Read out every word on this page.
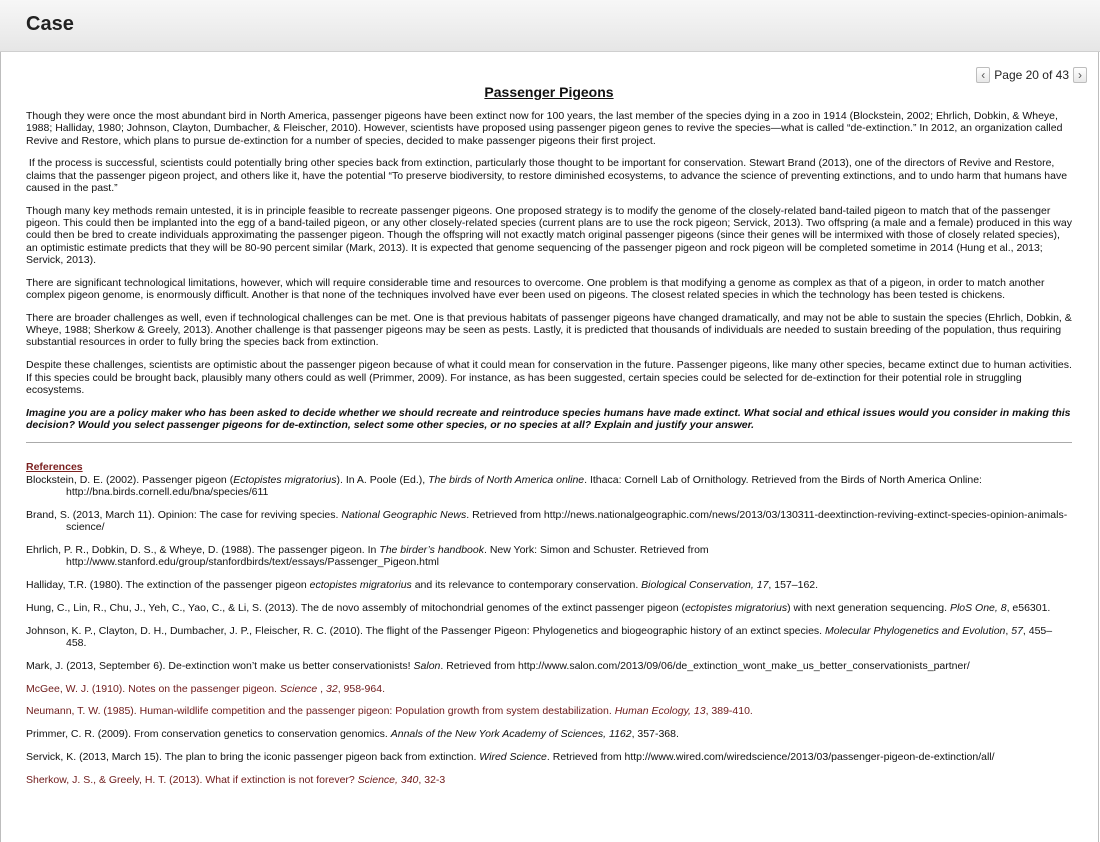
Case
‹ Page 20 of 43 ›
Passenger Pigeons

Though they were once the most abundant bird in North America, passenger pigeons have been extinct now for 100 years, the last member of the species dying in a zoo in 1914 (Blockstein, 2002; Ehrlich, Dobkin, & Wheye, 1988; Halliday, 1980; Johnson, Clayton, Dumbacher, & Fleischer, 2010). However, scientists have proposed using passenger pigeon genes to revive the species—what is called “de-extinction.” In 2012, an organization called Revive and Restore, which plans to pursue de-extinction for a number of species, decided to make passenger pigeons their first project.

If the process is successful, scientists could potentially bring other species back from extinction, particularly those thought to be important for conservation. Stewart Brand (2013), one of the directors of Revive and Restore, claims that the passenger pigeon project, and others like it, have the potential “To preserve biodiversity, to restore diminished ecosystems, to advance the science of preventing extinctions, and to undo harm that humans have caused in the past.”

Though many key methods remain untested, it is in principle feasible to recreate passenger pigeons. One proposed strategy is to modify the genome of the closely-related band-tailed pigeon to match that of the passenger pigeon. This could then be implanted into the egg of a band-tailed pigeon, or any other closely-related species (current plans are to use the rock pigeon; Servick, 2013). Two offspring (a male and a female) produced in this way could then be bred to create individuals approximating the passenger pigeon. Though the offspring will not exactly match original passenger pigeons (since their genes will be intermixed with those of closely related species), an optimistic estimate predicts that they will be 80-90 percent similar (Mark, 2013). It is expected that genome sequencing of the passenger pigeon and rock pigeon will be completed sometime in 2014 (Hung et al., 2013; Servick, 2013).

There are significant technological limitations, however, which will require considerable time and resources to overcome. One problem is that modifying a genome as complex as that of a pigeon, in order to match another complex pigeon genome, is enormously difficult. Another is that none of the techniques involved have ever been used on pigeons. The closest related species in which the technology has been tested is chickens.

There are broader challenges as well, even if technological challenges can be met. One is that previous habitats of passenger pigeons have changed dramatically, and may not be able to sustain the species (Ehrlich, Dobkin, & Wheye, 1988; Sherkow & Greely, 2013). Another challenge is that passenger pigeons may be seen as pests. Lastly, it is predicted that thousands of individuals are needed to sustain breeding of the population, thus requiring substantial resources in order to fully bring the species back from extinction.

Despite these challenges, scientists are optimistic about the passenger pigeon because of what it could mean for conservation in the future. Passenger pigeons, like many other species, became extinct due to human activities. If this species could be brought back, plausibly many others could as well (Primmer, 2009). For instance, as has been suggested, certain species could be selected for de-extinction for their potential role in struggling ecosystems.

Imagine you are a policy maker who has been asked to decide whether we should recreate and reintroduce species humans have made extinct. What social and ethical issues would you consider in making this decision? Would you select passenger pigeons for de-extinction, select some other species, or no species at all? Explain and justify your answer.

References

Blockstein, D. E. (2002). Passenger pigeon (Ectopistes migratorius). In A. Poole (Ed.), The birds of North America online. Ithaca: Cornell Lab of Ornithology. Retrieved from the Birds of North America Online: http://bna.birds.cornell.edu/bna/species/611

Brand, S. (2013, March 11). Opinion: The case for reviving species. National Geographic News. Retrieved from http://news.nationalgeographic.com/news/2013/03/130311-deextinction-reviving-extinct-species-opinion-animals-science/

Ehrlich, P. R., Dobkin, D. S., & Wheye, D. (1988). The passenger pigeon. In The birder’s handbook. New York: Simon and Schuster. Retrieved from http://www.stanford.edu/group/stanfordbirds/text/essays/Passenger_Pigeon.html

Halliday, T.R. (1980). The extinction of the passenger pigeon ectopistes migratorius and its relevance to contemporary conservation. Biological Conservation, 17, 157–162.

Hung, C., Lin, R., Chu, J., Yeh, C., Yao, C., & Li, S. (2013). The de novo assembly of mitochondrial genomes of the extinct passenger pigeon (ectopistes migratorius) with next generation sequencing. PloS One, 8, e56301.

Johnson, K. P., Clayton, D. H., Dumbacher, J. P., Fleischer, R. C. (2010). The flight of the Passenger Pigeon: Phylogenetics and biogeographic history of an extinct species. Molecular Phylogenetics and Evolution, 57, 455–458.

Mark, J. (2013, September 6). De-extinction won’t make us better conservationists! Salon. Retrieved from http://www.salon.com/2013/09/06/de_extinction_wont_make_us_better_conservationists_partner/

McGee, W. J. (1910). Notes on the passenger pigeon. Science , 32, 958-964.

Neumann, T. W. (1985). Human-wildlife competition and the passenger pigeon: Population growth from system destabilization. Human Ecology, 13, 389-410.

Primmer, C. R. (2009). From conservation genetics to conservation genomics. Annals of the New York Academy of Sciences, 1162, 357-368.

Servick, K. (2013, March 15). The plan to bring the iconic passenger pigeon back from extinction. Wired Science. Retrieved from http://www.wired.com/wiredscience/2013/03/passenger-pigeon-de-extinction/all/

Sherkow, J. S., & Greely, H. T. (2013). What if extinction is not forever? Science, 340, 32-3
